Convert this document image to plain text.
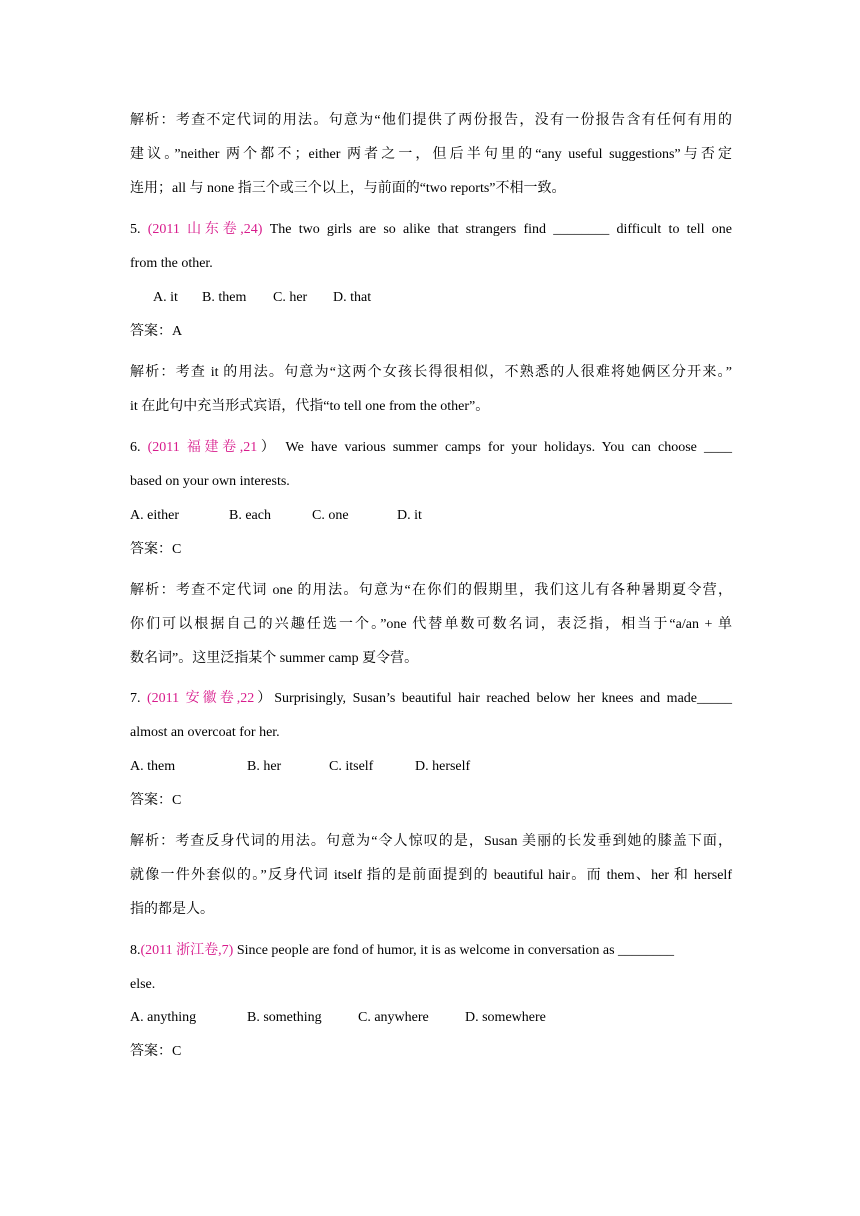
解析：考查不定代词的用法。句意为“他们提供了两份报告，没有一份报告含有任何有用的
建议。”neither 两个都不；either 两者之一，但后半句里的“any useful suggestions”与否定
连用；all 与 none 指三个或三个以上，与前面的“two reports”不相一致。
5. (2011 山东卷,24) The two girls are so alike that strangers find ________ difficult to tell one
from the other.
A. it B. them C. her D. that
答案：A
解析：考查 it 的用法。句意为“这两个女孩长得很相似，不熟悉的人很难将她俩区分开来。”
it 在此句中充当形式宾语，代指“to tell one from the other”。
6. (2011 福建卷,21） We have various summer camps for your holidays. You can choose ____
based on your own interests.
A. either	B. each	C. one	D. it
答案：C
解析：考查不定代词 one 的用法。句意为“在你们的假期里，我们这儿有各种暑期夏令营，
你们可以根据自己的兴趣任选一个。”one 代替单数可数名词，表泛指，相当于“a/an + 单
数名词”。这里泛指某个 summer camp 夏令营。
7. (2011 安徽卷,22）Surprisingly, Susan’s beautiful hair reached below her knees and made_____
almost an overcoat for her.
A. them	B. her	C. itself	D. herself
答案：C
解析：考查反身代词的用法。句意为“令人惊叹的是，Susan 美丽的长发垂到她的膝盖下面，
就像一件外套似的。”反身代词 itself 指的是前面提到的 beautiful hair。而 them、her 和 herself
指的都是人。
8.(2011 浙江卷,7) Since people are fond of humor, it is as welcome in conversation as ________
else.
A. anything	B. something	C. anywhere	D. somewhere
答案：C
